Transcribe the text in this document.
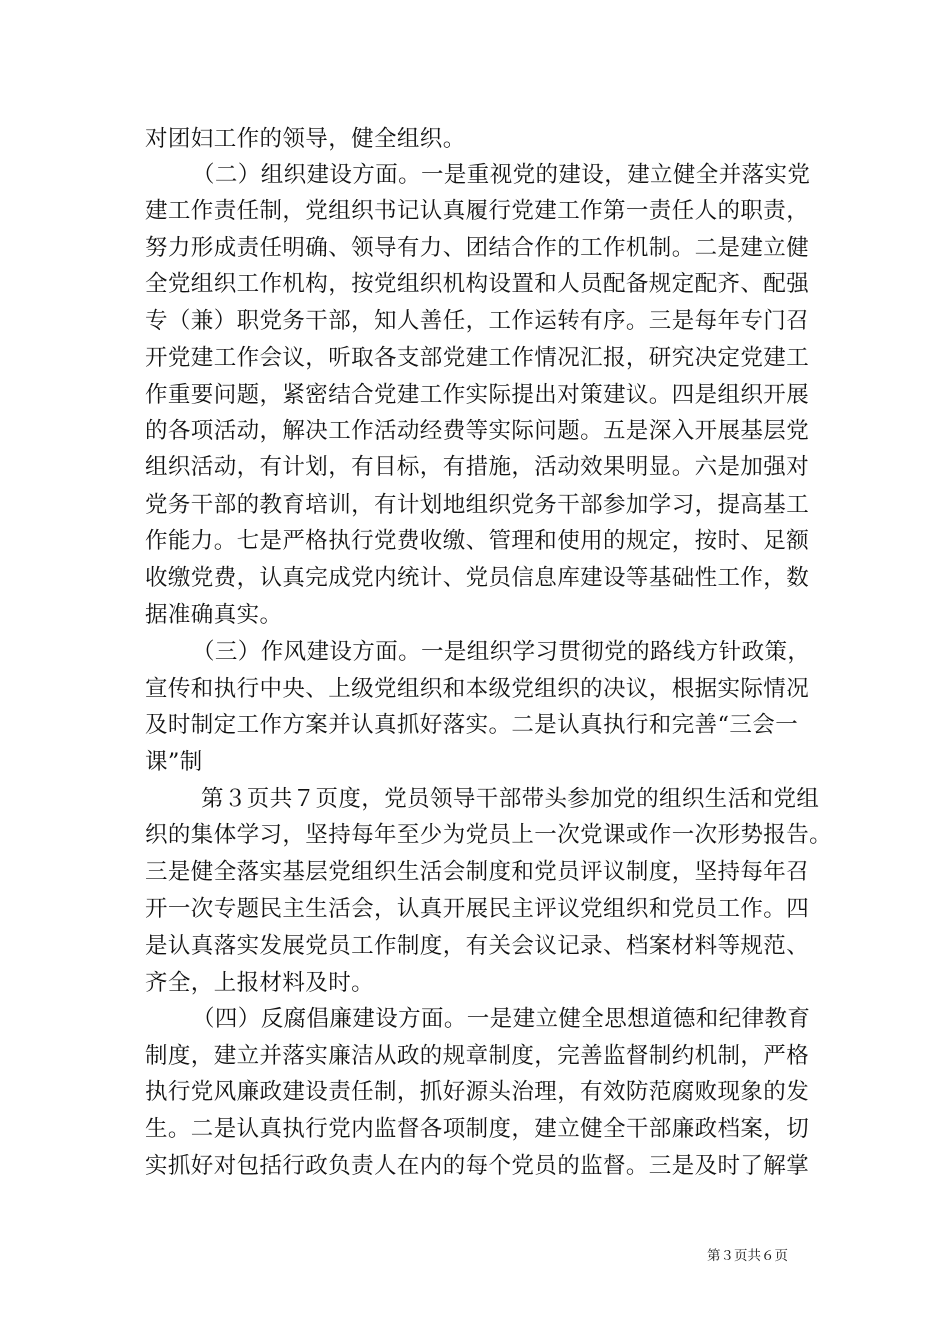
对团妇工作的领导，健全组织。
（二）组织建设方面。一是重视党的建设，建立健全并落实党
建工作责任制，党组织书记认真履行党建工作第一责任人的职责，
努力形成责任明确、领导有力、团结合作的工作机制。二是建立健
全党组织工作机构，按党组织机构设置和人员配备规定配齐、配强
专（兼）职党务干部，知人善任，工作运转有序。三是每年专门召
开党建工作会议，听取各支部党建工作情况汇报，研究决定党建工
作重要问题，紧密结合党建工作实际提出对策建议。四是组织开展
的各项活动，解决工作活动经费等实际问题。五是深入开展基层党
组织活动，有计划，有目标，有措施，活动效果明显。六是加强对
党务干部的教育培训，有计划地组织党务干部参加学习，提高基工
作能力。七是严格执行党费收缴、管理和使用的规定，按时、足额
收缴党费，认真完成党内统计、党员信息库建设等基础性工作，数
据准确真实。
（三）作风建设方面。一是组织学习贯彻党的路线方针政策，
宣传和执行中央、上级党组织和本级党组织的决议，根据实际情况
及时制定工作方案并认真抓好落实。二是认真执行和完善“三会一
课”制
第３页共７页度，党员领导干部带头参加党的组织生活和党组
织的集体学习，坚持每年至少为党员上一次党课或作一次形势报告。
三是健全落实基层党组织生活会制度和党员评议制度，坚持每年召
开一次专题民主生活会，认真开展民主评议党组织和党员工作。四
是认真落实发展党员工作制度，有关会议记录、档案材料等规范、
齐全，上报材料及时。
（四）反腐倡廉建设方面。一是建立健全思想道德和纪律教育
制度，建立并落实廉洁从政的规章制度，完善监督制约机制，严格
执行党风廉政建设责任制，抓好源头治理，有效防范腐败现象的发
生。二是认真执行党内监督各项制度，建立健全干部廉政档案，切
实抓好对包括行政负责人在内的每个党员的监督。三是及时了解掌
第３页共６页
